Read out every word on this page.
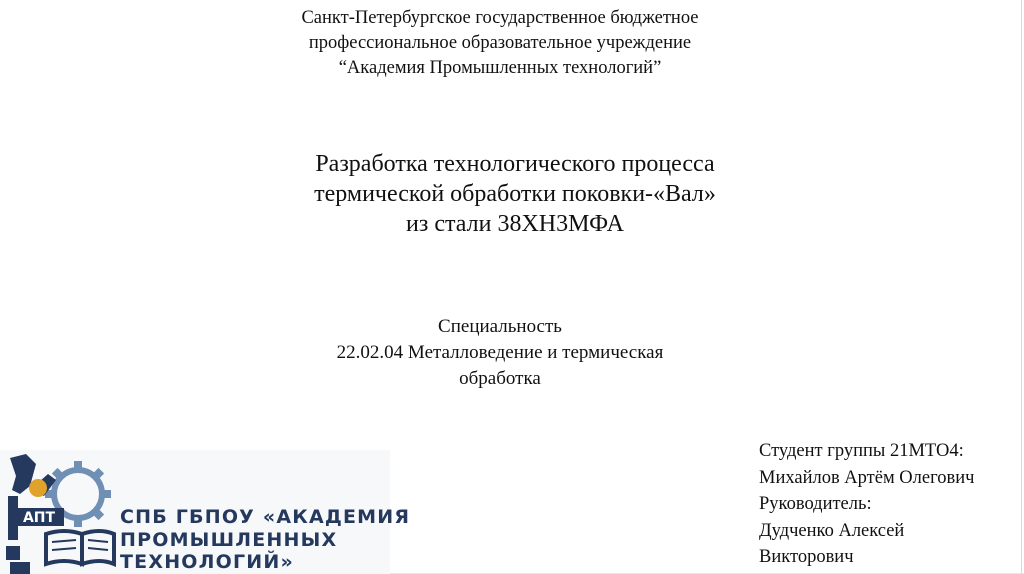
Санкт-Петербургское государственное бюджетное
профессиональное образовательное учреждение
“Академия Промышленных технологий”
Разработка технологического процесса
термической обработки поковки-«Вал»
из стали 38ХН3МФА
Специальность
22.02.04 Металловедение и термическая
обработка
Студент группы 21МТО4:
Михайлов Артём Олегович
Руководитель:
Дудченко Алексей
Викторович
АПТ	СПБ ГБПОУ «АКАДЕМИЯ
ПРОМЫШЛЕННЫХ
ТЕХНОЛОГИЙ»
